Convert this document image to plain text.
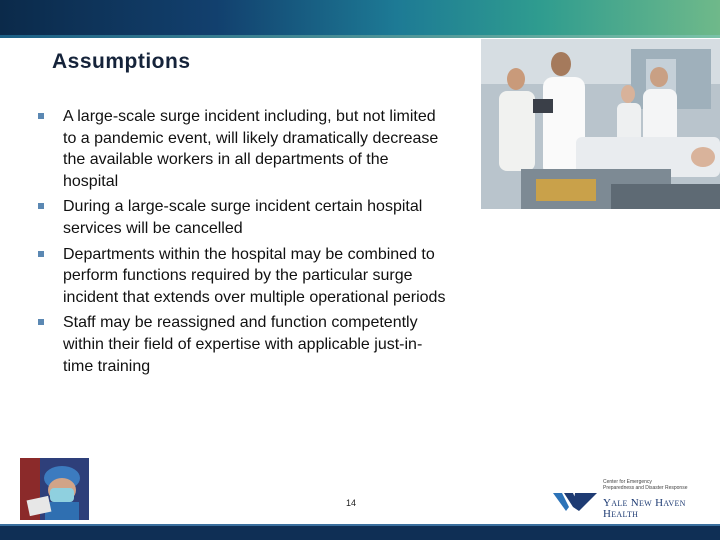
Assumptions
A large-scale surge incident including, but not limited to a pandemic event, will likely dramatically decrease the available workers in all departments of the hospital
During a large-scale surge incident certain hospital services will be cancelled
Departments within the hospital may be combined to perform functions required by the particular surge incident that extends over multiple operational periods
Staff may be reassigned and function competently within their field of expertise with applicable just-in-time training
14
Center for Emergency
Preparedness and Disaster Response
Yale New Haven
Health
